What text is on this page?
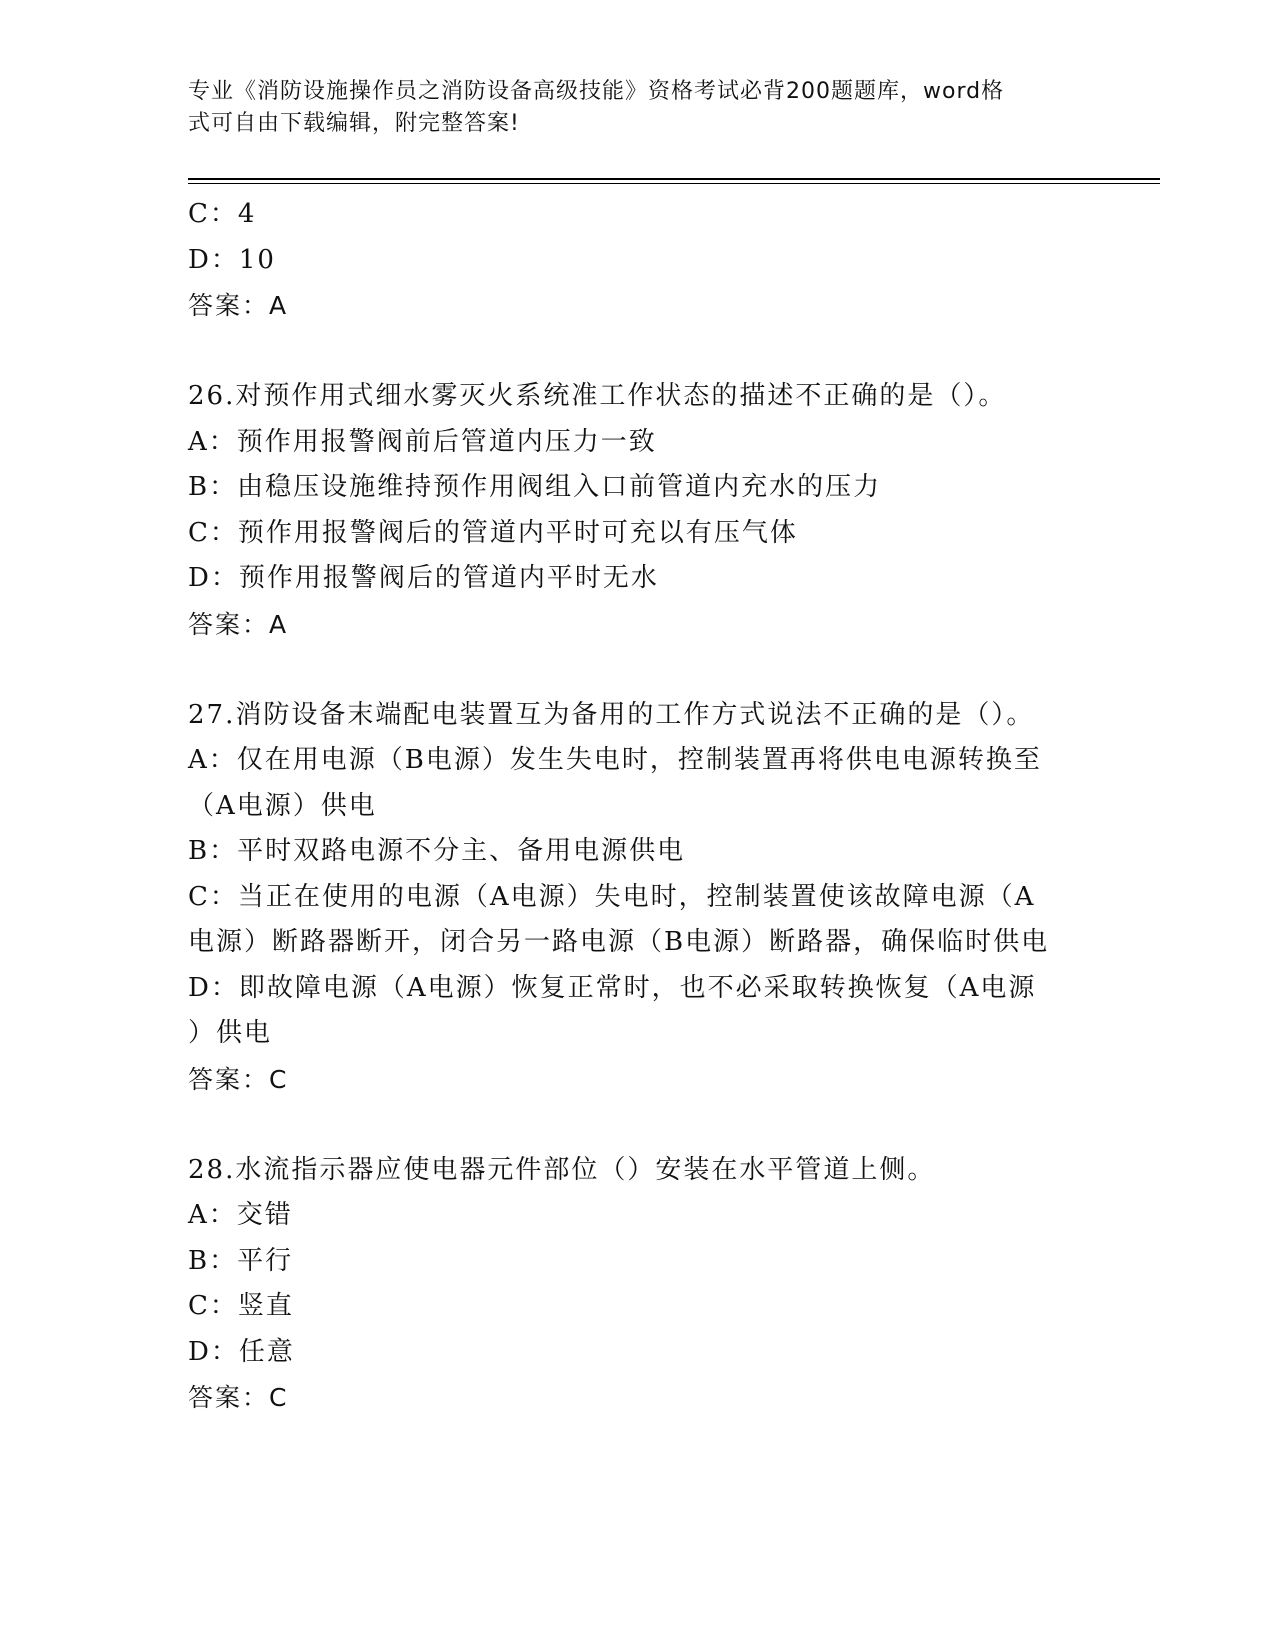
专业《消防设施操作员之消防设备高级技能》资格考试必背200题题库，word格
式可自由下载编辑，附完整答案!
C：4
D：10
答案：A
26.对预作用式细水雾灭火系统准工作状态的描述不正确的是（）。
A：预作用报警阀前后管道内压力一致
B：由稳压设施维持预作用阀组入口前管道内充水的压力
C：预作用报警阀后的管道内平时可充以有压气体
D：预作用报警阀后的管道内平时无水
答案：A
27.消防设备末端配电装置互为备用的工作方式说法不正确的是（）。
A：仅在用电源（B电源）发生失电时，控制装置再将供电电源转换至
（A电源）供电
B：平时双路电源不分主、备用电源供电
C：当正在使用的电源（A电源）失电时，控制装置使该故障电源（A
电源）断路器断开，闭合另一路电源（B电源）断路器，确保临时供电
D：即故障电源（A电源）恢复正常时，也不必采取转换恢复（A电源
）供电
答案：C
28.水流指示器应使电器元件部位（）安装在水平管道上侧。
A：交错
B：平行
C：竖直
D：任意
答案：C
